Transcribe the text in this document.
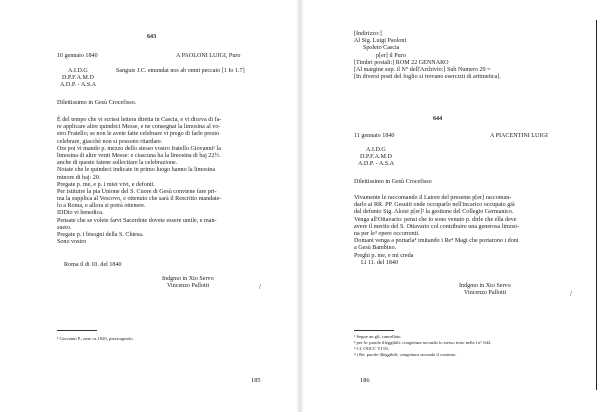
643
10 gennaio 1840	A PAOLONI LUIGI, Puro
A.I.D.G	Sanguis J.C. emundat nos ab omni peccato [1 Io 1.7]
D.P.F.A.M.D
A.D.P. - A.S.A
Dilettissimo in Gesù Crocefisso.
È del tempo che vi scrissi lettera diretta in Cascia, e vi diceva di fa-
re applicare altre quindeci Messe, e ne consegnai la limosina al vo-
stro Fratello; se non le avete fatte celebrare vi prego di farle presto
celebrare, giacchè non si possono ritardare.
Ora poi vi mando p. mezzo dello stesso vostro fratello Giovanni¹ la
limosina di altre venti Messe: e ciascuna ha la limosina di baj 22½.
anche di queste fatene sollecitare la celebrazione.
Notate che le quindeci indicate in primo luogo hanno la limosina
minore di baj: 20.
Pregate p. me, e p. i miei vivi, e defonti.
Per istituire la pia Unione del S. Cuore di Gesù conviene fare pri-
ma la supplica al Vescovo, e ottenuto che sarà il Rescritto mandate-
lo a Roma, e allora si potrà ottenere.
IDDio vi benedica.
Pensate che se volete farvi Sacerdote dovete essere umile, e man-
sueto.
Pregate p. i bisogni della S. Chiesa.
Sono vostro
Roma il di 10. del 1840
Indgmo in Xto Servo
Vincenzo Pallotti	/
¹ Giovanni P., nato ca 1820, pizzicagnolo.
185
[Indirizzo:]
Al Sig. Luigi Paoloni
Spoleto Cascia
p[er] il Puro
[Timbri postali:] ROM 22 GENNARO
[Al margine sup. il N° dell'Archivio:] Sub Numero 29 =
[In diversi posti del foglio si trovano esercizii di aritmetica].
644
11 gennaio 1840	A PIACENTINI LUIGI
A.I.D.G
D.P.F.A.M.D
A.D.P. - A.S.A
Dilettissimo in Gesù Crocefisso
Vivamente le raccomando il Latore del presente p[er] raccoman-
darlo ai RR. PP. Gesuiti onde occuparlo nell'incarico occupato già
dal defunto Sig. Aloisi p[er]² la gestione del Collegio Germanico.
Venga all'Ottavario: pensi che io sono venuto p. dirle che ella deve
avere il merito del S. Ottavario col contribuire una generosa limosi-
na per le³ opere occorrenti.
Domani venga a portarla⁴ imitando i Re⁴ Magi che portarono i doni
a Gesù Bambino.
Preghi p. me, e mi creda
Li 11. del 1840
Indgmo in Xto Servo
Vincenzo Pallotti	/
¹ Segue un gli, cancellato.
² per le: parole illeggibili; congettura secondo lo stesso testo nella l n° 642.
³ Cf. OOCC VI 93.
⁴ i Re: parole illeggibili; congettura secondo il contesto.
186
